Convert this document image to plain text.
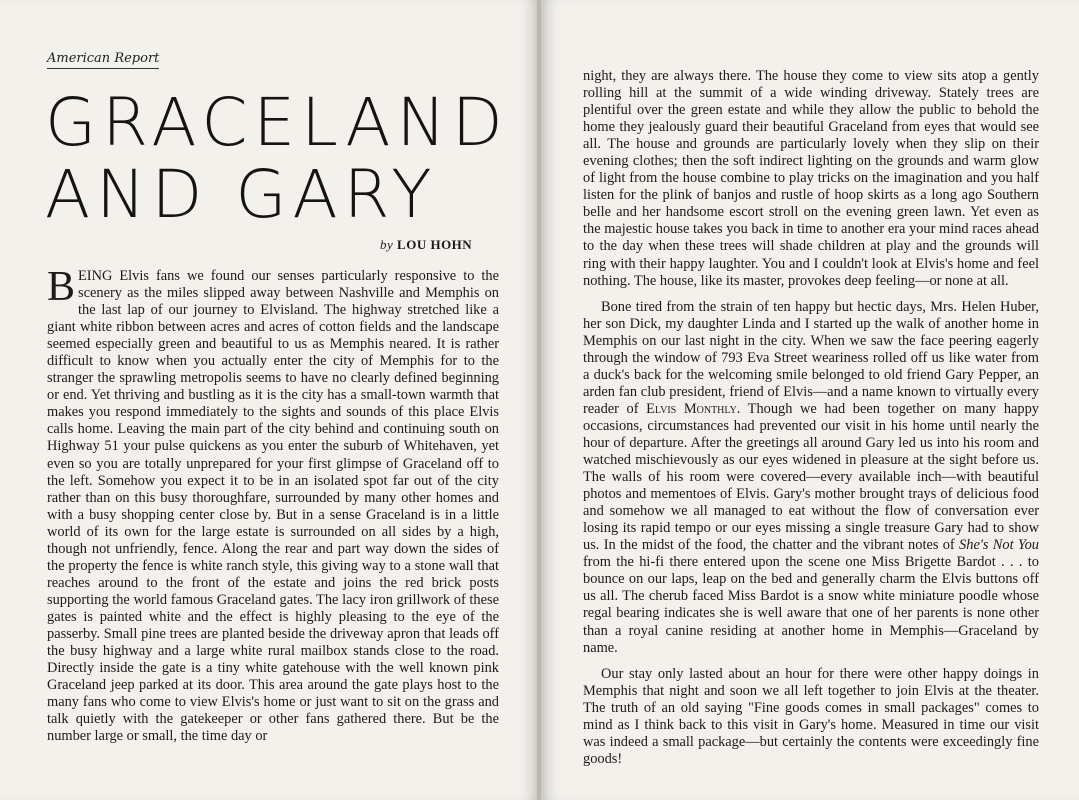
American Report
GRACELAND
AND GARY
by LOU HOHN

BEING Elvis fans we found our senses particularly responsive to the scenery as the miles slipped away between Nashville and Memphis on the last lap of our journey to Elvisland. The highway stretched like a giant white ribbon between acres and acres of cotton fields and the landscape seemed especially green and beautiful to us as Memphis neared. It is rather difficult to know when you actually enter the city of Memphis for to the stranger the sprawling metropolis seems to have no clearly defined beginning or end. Yet thriving and bustling as it is the city has a small-town warmth that makes you respond immediately to the sights and sounds of this place Elvis calls home. Leaving the main part of the city behind and continuing south on Highway 51 your pulse quickens as you enter the suburb of Whitehaven, yet even so you are totally unprepared for your first glimpse of Graceland off to the left. Somehow you expect it to be in an isolated spot far out of the city rather than on this busy thoroughfare, surrounded by many other homes and with a busy shopping center close by. But in a sense Graceland is in a little world of its own for the large estate is surrounded on all sides by a high, though not unfriendly, fence. Along the rear and part way down the sides of the property the fence is white ranch style, this giving way to a stone wall that reaches around to the front of the estate and joins the red brick posts supporting the world famous Graceland gates. The lacy iron grillwork of these gates is painted white and the effect is highly pleasing to the eye of the passerby. Small pine trees are planted beside the driveway apron that leads off the busy highway and a large white rural mailbox stands close to the road. Directly inside the gate is a tiny white gatehouse with the well known pink Graceland jeep parked at its door. This area around the gate plays host to the many fans who come to view Elvis's home or just want to sit on the grass and talk quietly with the gatekeeper or other fans gathered there. But be the number large or small, the time day or

night, they are always there. The house they come to view sits atop a gently rolling hill at the summit of a wide winding driveway. Stately trees are plentiful over the green estate and while they allow the public to behold the home they jealously guard their beautiful Graceland from eyes that would see all. The house and grounds are particularly lovely when they slip on their evening clothes; then the soft indirect lighting on the grounds and warm glow of light from the house combine to play tricks on the imagination and you half listen for the plink of banjos and rustle of hoop skirts as a long ago Southern belle and her handsome escort stroll on the evening green lawn. Yet even as the majestic house takes you back in time to another era your mind races ahead to the day when these trees will shade children at play and the grounds will ring with their happy laughter. You and I couldn't look at Elvis's home and feel nothing. The house, like its master, provokes deep feeling—or none at all.

Bone tired from the strain of ten happy but hectic days, Mrs. Helen Huber, her son Dick, my daughter Linda and I started up the walk of another home in Memphis on our last night in the city. When we saw the face peering eagerly through the window of 793 Eva Street weariness rolled off us like water from a duck's back for the welcoming smile belonged to old friend Gary Pepper, an arden fan club president, friend of Elvis—and a name known to virtually every reader of Elvis Monthly. Though we had been together on many happy occasions, circumstances had prevented our visit in his home until nearly the hour of departure. After the greetings all around Gary led us into his room and watched mischievously as our eyes widened in pleasure at the sight before us. The walls of his room were covered—every available inch—with beautiful photos and mementoes of Elvis. Gary's mother brought trays of delicious food and somehow we all managed to eat without the flow of conversation ever losing its rapid tempo or our eyes missing a single treasure Gary had to show us. In the midst of the food, the chatter and the vibrant notes of She's Not You from the hi-fi there entered upon the scene one Miss Brigette Bardot . . . to bounce on our laps, leap on the bed and generally charm the Elvis buttons off us all. The cherub faced Miss Bardot is a snow white miniature poodle whose regal bearing indicates she is well aware that one of her parents is none other than a royal canine residing at another home in Memphis—Graceland by name.

Our stay only lasted about an hour for there were other happy doings in Memphis that night and soon we all left together to join Elvis at the theater. The truth of an old saying "Fine goods comes in small packages" comes to mind as I think back to this visit in Gary's home. Measured in time our visit was indeed a small package—but certainly the contents were exceedingly fine goods!
